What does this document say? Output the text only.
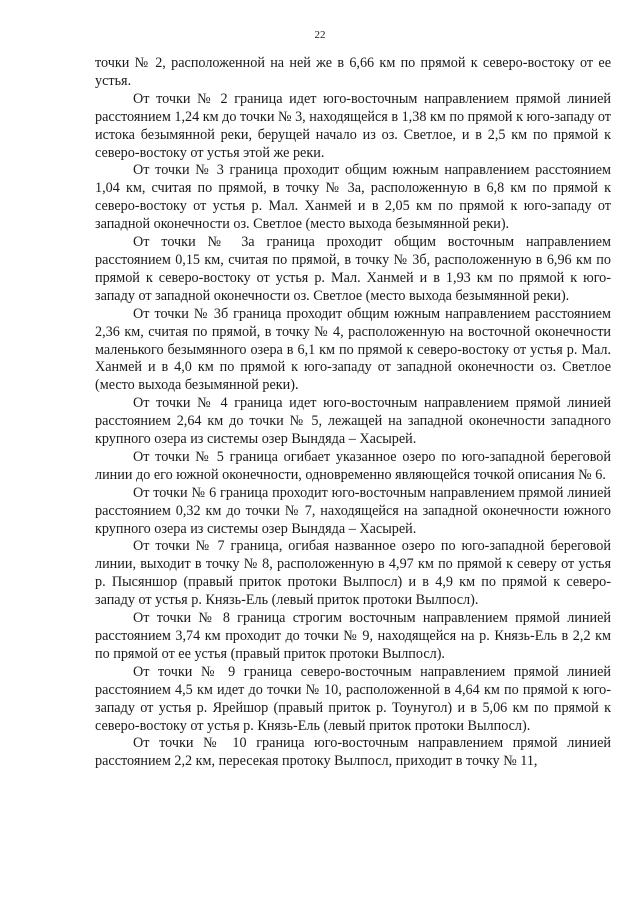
22

точки № 2, расположенной на ней же в 6,66 км по прямой к северо-востоку от ее устья.

От точки № 2 граница идет юго-восточным направлением прямой линией расстоянием 1,24 км до точки № 3, находящейся в 1,38 км по прямой к юго-западу от истока безымянной реки, берущей начало из оз. Светлое, и в 2,5 км по прямой к северо-востоку от устья этой же реки.

От точки № 3 граница проходит общим южным направлением расстоянием 1,04 км, считая по прямой, в точку № 3а, расположенную в 6,8 км по прямой к северо-востоку от устья р. Мал. Ханмей и в 2,05 км по прямой к юго-западу от западной оконечности оз. Светлое (место выхода безымянной реки).

От точки № 3а граница проходит общим восточным направлением расстоянием 0,15 км, считая по прямой, в точку № 3б, расположенную в 6,96 км по прямой к северо-востоку от устья р. Мал. Ханмей и в 1,93 км по прямой к юго-западу от западной оконечности оз. Светлое (место выхода безымянной реки).

От точки № 3б граница проходит общим южным направлением расстоянием 2,36 км, считая по прямой, в точку № 4, расположенную на восточной оконечности маленького безымянного озера в 6,1 км по прямой к северо-востоку от устья р. Мал. Ханмей и в 4,0 км по прямой к юго-западу от западной оконечности оз. Светлое (место выхода безымянной реки).

От точки № 4 граница идет юго-восточным направлением прямой линией расстоянием 2,64 км до точки № 5, лежащей на западной оконечности западного крупного озера из системы озер Вындяда – Хасырей.

От точки № 5 граница огибает указанное озеро по юго-западной береговой линии до его южной оконечности, одновременно являющейся точкой описания № 6.

От точки № 6 граница проходит юго-восточным направлением прямой линией расстоянием 0,32 км до точки № 7, находящейся на западной оконечности южного крупного озера из системы озер Вындяда – Хасырей.

От точки № 7 граница, огибая названное озеро по юго-западной береговой линии, выходит в точку № 8, расположенную в 4,97 км по прямой к северу от устья р. Пысяншор (правый приток протоки Вылпосл) и в 4,9 км по прямой к северо-западу от устья р. Князь-Ель (левый приток протоки Вылпосл).

От точки № 8 граница строгим восточным направлением прямой линией расстоянием 3,74 км проходит до точки № 9, находящейся на р. Князь-Ель в 2,2 км по прямой от ее устья (правый приток протоки Вылпосл).

От точки № 9 граница северо-восточным направлением прямой линией расстоянием 4,5 км идет до точки № 10, расположенной в 4,64 км по прямой к юго-западу от устья р. Ярейшор (правый приток р. Тоунугол) и в 5,06 км по прямой к северо-востоку от устья р. Князь-Ель (левый приток протоки Вылпосл).

От точки № 10 граница юго-восточным направлением прямой линией расстоянием 2,2 км, пересекая протоку Вылпосл, приходит в точку № 11,
